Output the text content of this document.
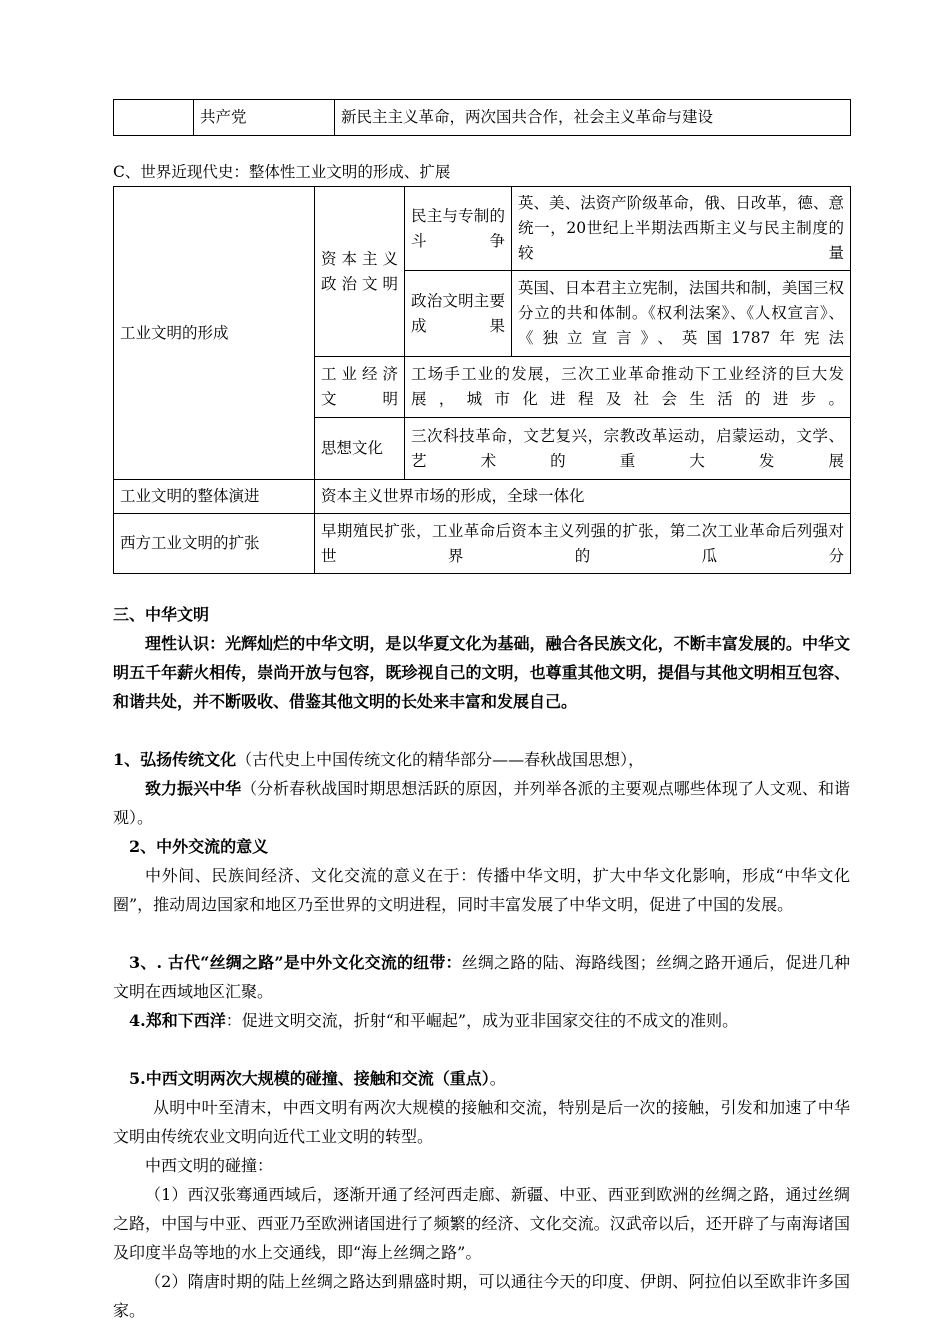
	共产党	新民主主义革命，两次国共合作，社会主义革命与建设
C、世界近现代史：整体性工业文明的形成、扩展
工业文明的形成	资本主义政治文明	民主与专制的斗争	英、美、法资产阶级革命，俄、日改革，德、意统一，20世纪上半期法西斯主义与民主制度的较量
		政治文明主要成果	英国、日本君主立宪制，法国共和制，美国三权分立的共和体制。《权利法案》、《人权宣言》、《独立宣言》、英国1787年宪法
	工业经济文明	工场手工业的发展，三次工业革命推动下工业经济的巨大发展，城市化进程及社会生活的进步。	
	思想文化	三次科技革命，文艺复兴，宗教改革运动，启蒙运动，文学、艺术的重大发展	
工业文明的整体演进	资本主义世界市场的形成，全球一体化		
西方工业文明的扩张	早期殖民扩张，工业革命后资本主义列强的扩张，第二次工业革命后列强对世界的瓜分		
三、中华文明
理性认识：光辉灿烂的中华文明，是以华夏文化为基础，融合各民族文化，不断丰富发展的。中华文明五千年薪火相传，崇尚开放与包容，既珍视自己的文明，也尊重其他文明，提倡与其他文明相互包容、和谐共处，并不断吸收、借鉴其他文明的长处来丰富和发展自己。
1、弘扬传统文化（古代史上中国传统文化的精华部分——春秋战国思想），
致力振兴中华（分析春秋战国时期思想活跃的原因，并列举各派的主要观点哪些体现了人文观、和谐观）。
2、中外交流的意义
中外间、民族间经济、文化交流的意义在于：传播中华文明，扩大中华文化影响，形成“中华文化圈”，推动周边国家和地区乃至世界的文明进程，同时丰富发展了中华文明，促进了中国的发展。
3、. 古代“丝绸之路”是中外文化交流的纽带：丝绸之路的陆、海路线图；丝绸之路开通后，促进几种文明在西域地区汇聚。
4.郑和下西洋：促进文明交流，折射“和平崛起”，成为亚非国家交往的不成文的准则。
5.中西文明两次大规模的碰撞、接触和交流（重点）。
从明中叶至清末，中西文明有两次大规模的接触和交流，特别是后一次的接触，引发和加速了中华文明由传统农业文明向近代工业文明的转型。
中西文明的碰撞：
（1）西汉张骞通西域后，逐渐开通了经河西走廊、新疆、中亚、西亚到欧洲的丝绸之路，通过丝绸之路，中国与中亚、西亚乃至欧洲诸国进行了频繁的经济、文化交流。汉武帝以后，还开辟了与南海诸国及印度半岛等地的水上交通线，即“海上丝绸之路”。
（2）隋唐时期的陆上丝绸之路达到鼎盛时期，可以通往今天的印度、伊朗、阿拉伯以至欧非许多国家。
